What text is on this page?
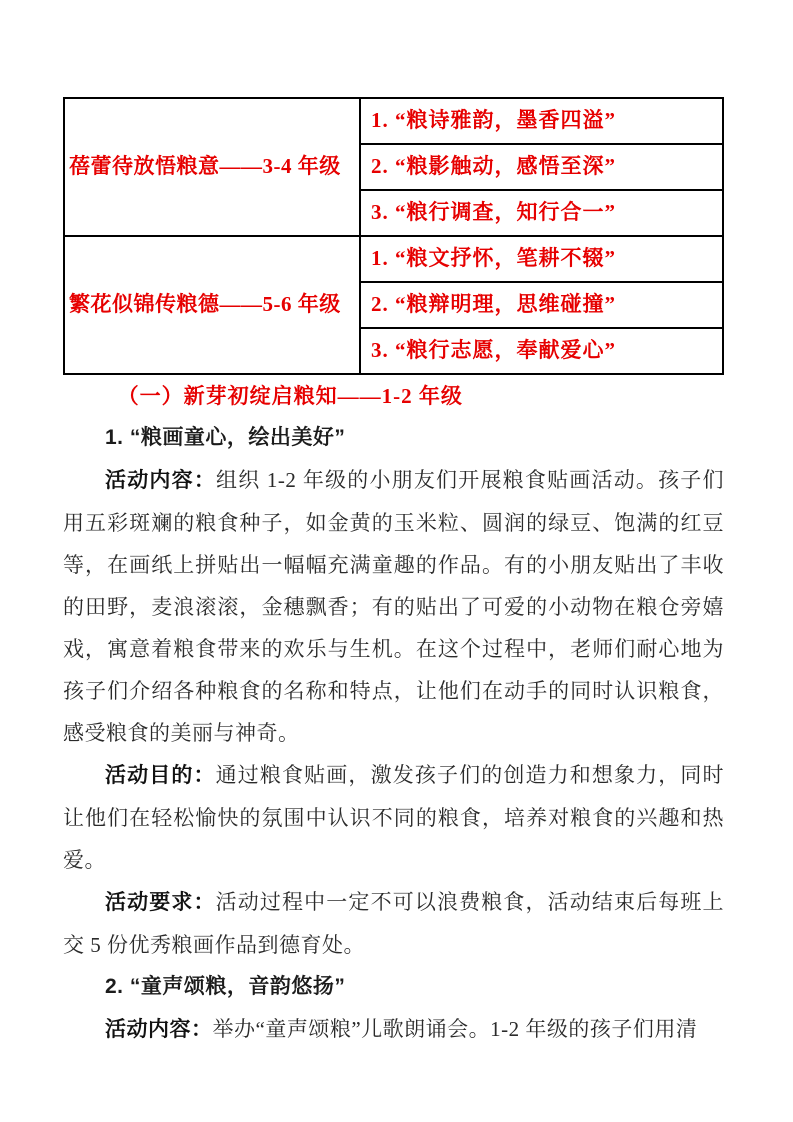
蓓蕾待放悟粮意——3-4 年级	1. “粮诗雅韵，墨香四溢”
	2. “粮影触动，感悟至深”
	3. “粮行调查，知行合一”
繁花似锦传粮德——5-6 年级	1. “粮文抒怀，笔耕不辍”
	2. “粮辩明理，思维碰撞”
	3. “粮行志愿，奉献爱心”
（一）新芽初绽启粮知——1-2 年级
1. “粮画童心，绘出美好”

活动内容：组织 1-2 年级的小朋友们开展粮食贴画活动。孩子们用五彩斑斓的粮食种子，如金黄的玉米粒、圆润的绿豆、饱满的红豆等，在画纸上拼贴出一幅幅充满童趣的作品。有的小朋友贴出了丰收的田野，麦浪滚滚，金穗飘香；有的贴出了可爱的小动物在粮仓旁嬉戏，寓意着粮食带来的欢乐与生机。在这个过程中，老师们耐心地为孩子们介绍各种粮食的名称和特点，让他们在动手的同时认识粮食，感受粮食的美丽与神奇。

活动目的：通过粮食贴画，激发孩子们的创造力和想象力，同时让他们在轻松愉快的氛围中认识不同的粮食，培养对粮食的兴趣和热爱。

活动要求：活动过程中一定不可以浪费粮食，活动结束后每班上交 5 份优秀粮画作品到德育处。

2. “童声颂粮，音韵悠扬”

活动内容：举办“童声颂粮”儿歌朗诵会。1-2 年级的孩子们用清
